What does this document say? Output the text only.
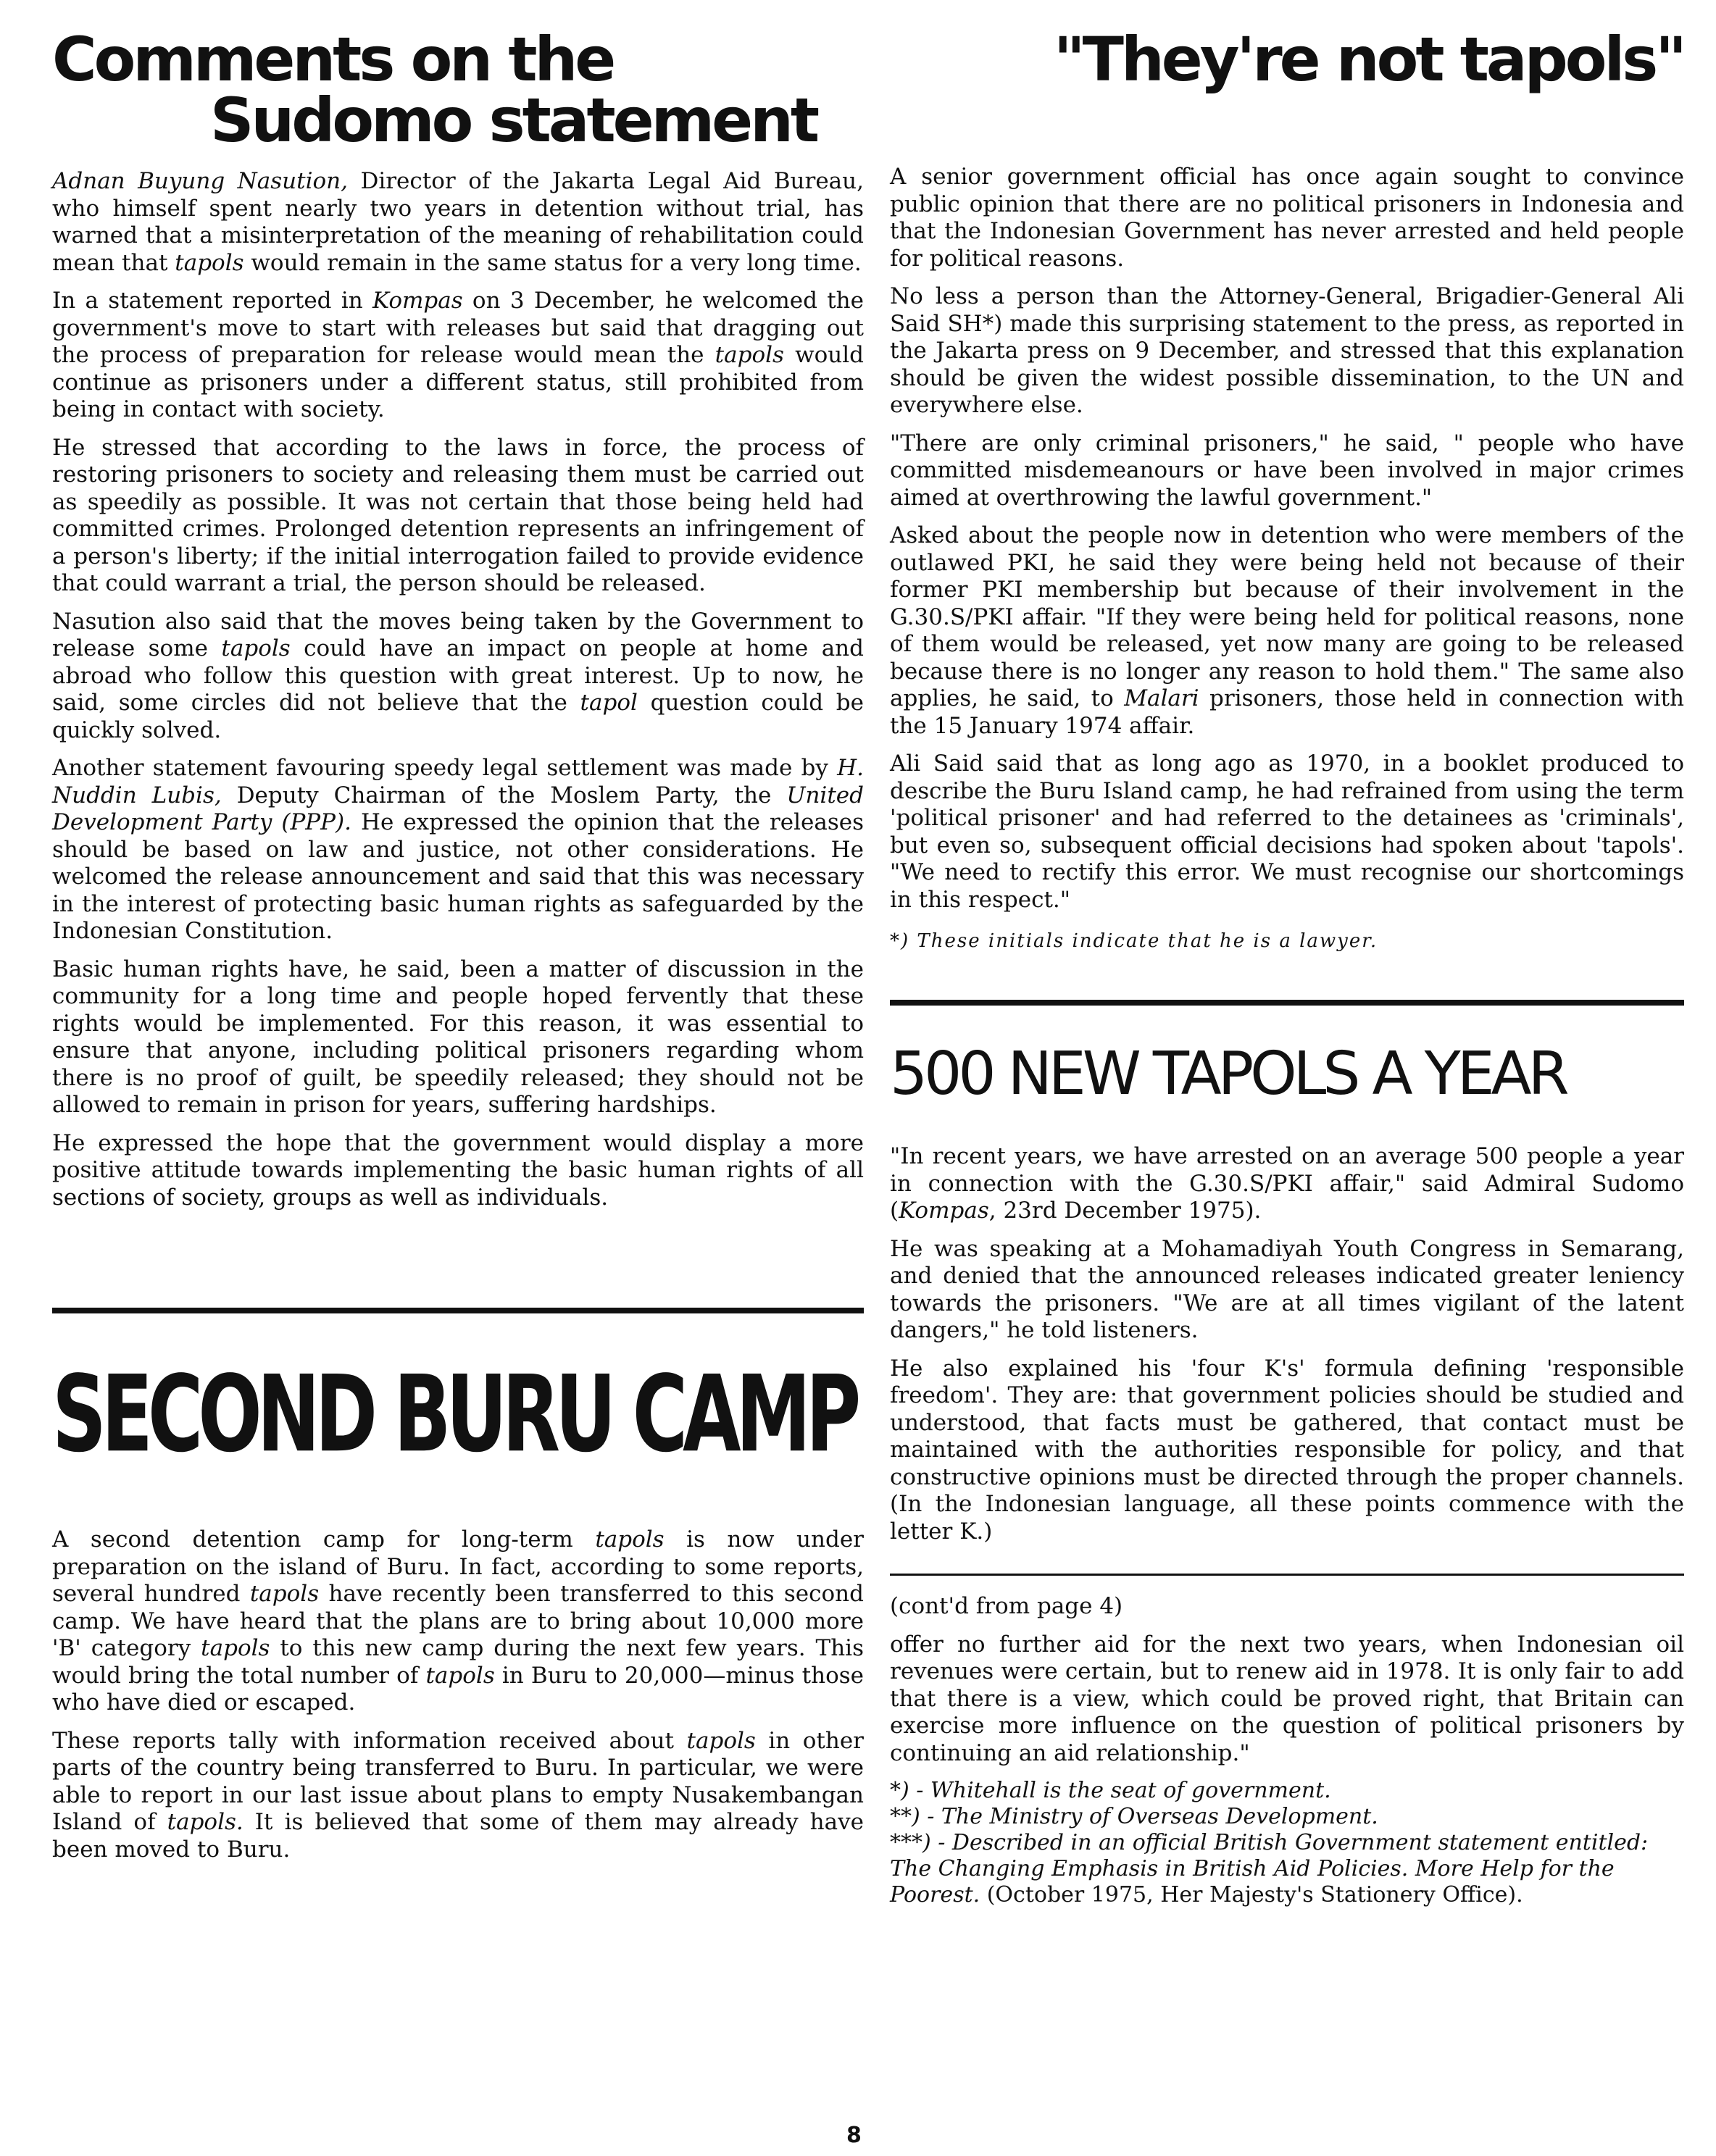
Comments on the
Sudomo statement

Adnan Buyung Nasution, Director of the Jakarta Legal Aid Bureau, who himself spent nearly two years in detention without trial, has warned that a misinterpretation of the meaning of rehabilitation could mean that tapols would remain in the same status for a very long time.

In a statement reported in Kompas on 3 December, he welcomed the government's move to start with releases but said that dragging out the process of preparation for release would mean the tapols would continue as prisoners under a different status, still prohibited from being in contact with society.

He stressed that according to the laws in force, the process of restoring prisoners to society and releasing them must be carried out as speedily as possible. It was not certain that those being held had committed crimes. Prolonged detention represents an infringement of a person's liberty; if the initial interrogation failed to provide evidence that could warrant a trial, the person should be released.

Nasution also said that the moves being taken by the Government to release some tapols could have an impact on people at home and abroad who follow this question with great interest. Up to now, he said, some circles did not believe that the tapol question could be quickly solved.

Another statement favouring speedy legal settlement was made by H. Nuddin Lubis, Deputy Chairman of the Moslem Party, the United Development Party (PPP). He expressed the opinion that the releases should be based on law and justice, not other considerations. He welcomed the release announcement and said that this was necessary in the interest of protecting basic human rights as safeguarded by the Indonesian Constitution.

Basic human rights have, he said, been a matter of discussion in the community for a long time and people hoped fervently that these rights would be implemented. For this reason, it was essential to ensure that anyone, including political prisoners regarding whom there is no proof of guilt, be speedily released; they should not be allowed to remain in prison for years, suffering hardships.

He expressed the hope that the government would display a more positive attitude towards implementing the basic human rights of all sections of society, groups as well as individuals.

SECOND BURU CAMP

A second detention camp for long-term tapols is now under preparation on the island of Buru. In fact, according to some reports, several hundred tapols have recently been transferred to this second camp. We have heard that the plans are to bring about 10,000 more 'B' category tapols to this new camp during the next few years. This would bring the total number of tapols in Buru to 20,000—minus those who have died or escaped.

These reports tally with information received about tapols in other parts of the country being transferred to Buru. In particular, we were able to report in our last issue about plans to empty Nusakembangan Island of tapols. It is believed that some of them may already have been moved to Buru.

"They're not tapols"

A senior government official has once again sought to convince public opinion that there are no political prisoners in Indonesia and that the Indonesian Government has never arrested and held people for political reasons.

No less a person than the Attorney-General, Brigadier-General Ali Said SH*) made this surprising statement to the press, as reported in the Jakarta press on 9 December, and stressed that this explanation should be given the widest possible dissemination, to the UN and everywhere else.

"There are only criminal prisoners," he said, " people who have committed misdemeanours or have been involved in major crimes aimed at overthrowing the lawful government."

Asked about the people now in detention who were members of the outlawed PKI, he said they were being held not because of their former PKI membership but because of their involvement in the G.30.S/PKI affair. "If they were being held for political reasons, none of them would be released, yet now many are going to be released because there is no longer any reason to hold them." The same also applies, he said, to Malari prisoners, those held in connection with the 15 January 1974 affair.

Ali Said said that as long ago as 1970, in a booklet produced to describe the Buru Island camp, he had refrained from using the term 'political prisoner' and had referred to the detainees as 'criminals', but even so, subsequent official decisions had spoken about 'tapols'. "We need to rectify this error. We must recognise our shortcomings in this respect."

*) These initials indicate that he is a lawyer.

500 NEW TAPOLS A YEAR

"In recent years, we have arrested on an average 500 people a year in connection with the G.30.S/PKI affair," said Admiral Sudomo (Kompas, 23rd December 1975).

He was speaking at a Mohamadiyah Youth Congress in Semarang, and denied that the announced releases indicated greater leniency towards the prisoners. "We are at all times vigilant of the latent dangers," he told listeners.

He also explained his 'four K's' formula defining 'responsible freedom'. They are: that government policies should be studied and understood, that facts must be gathered, that contact must be maintained with the authorities responsible for policy, and that constructive opinions must be directed through the proper channels. (In the Indonesian language, all these points commence with the letter K.)

(cont'd from page 4)

offer no further aid for the next two years, when Indonesian oil revenues were certain, but to renew aid in 1978. It is only fair to add that there is a view, which could be proved right, that Britain can exercise more influence on the question of political prisoners by continuing an aid relationship."

*) - Whitehall is the seat of government.

**) - The Ministry of Overseas Development.

***) - Described in an official British Government statement entitled: The Changing Emphasis in British Aid Policies. More Help for the Poorest. (October 1975, Her Majesty's Stationery Office).

8
